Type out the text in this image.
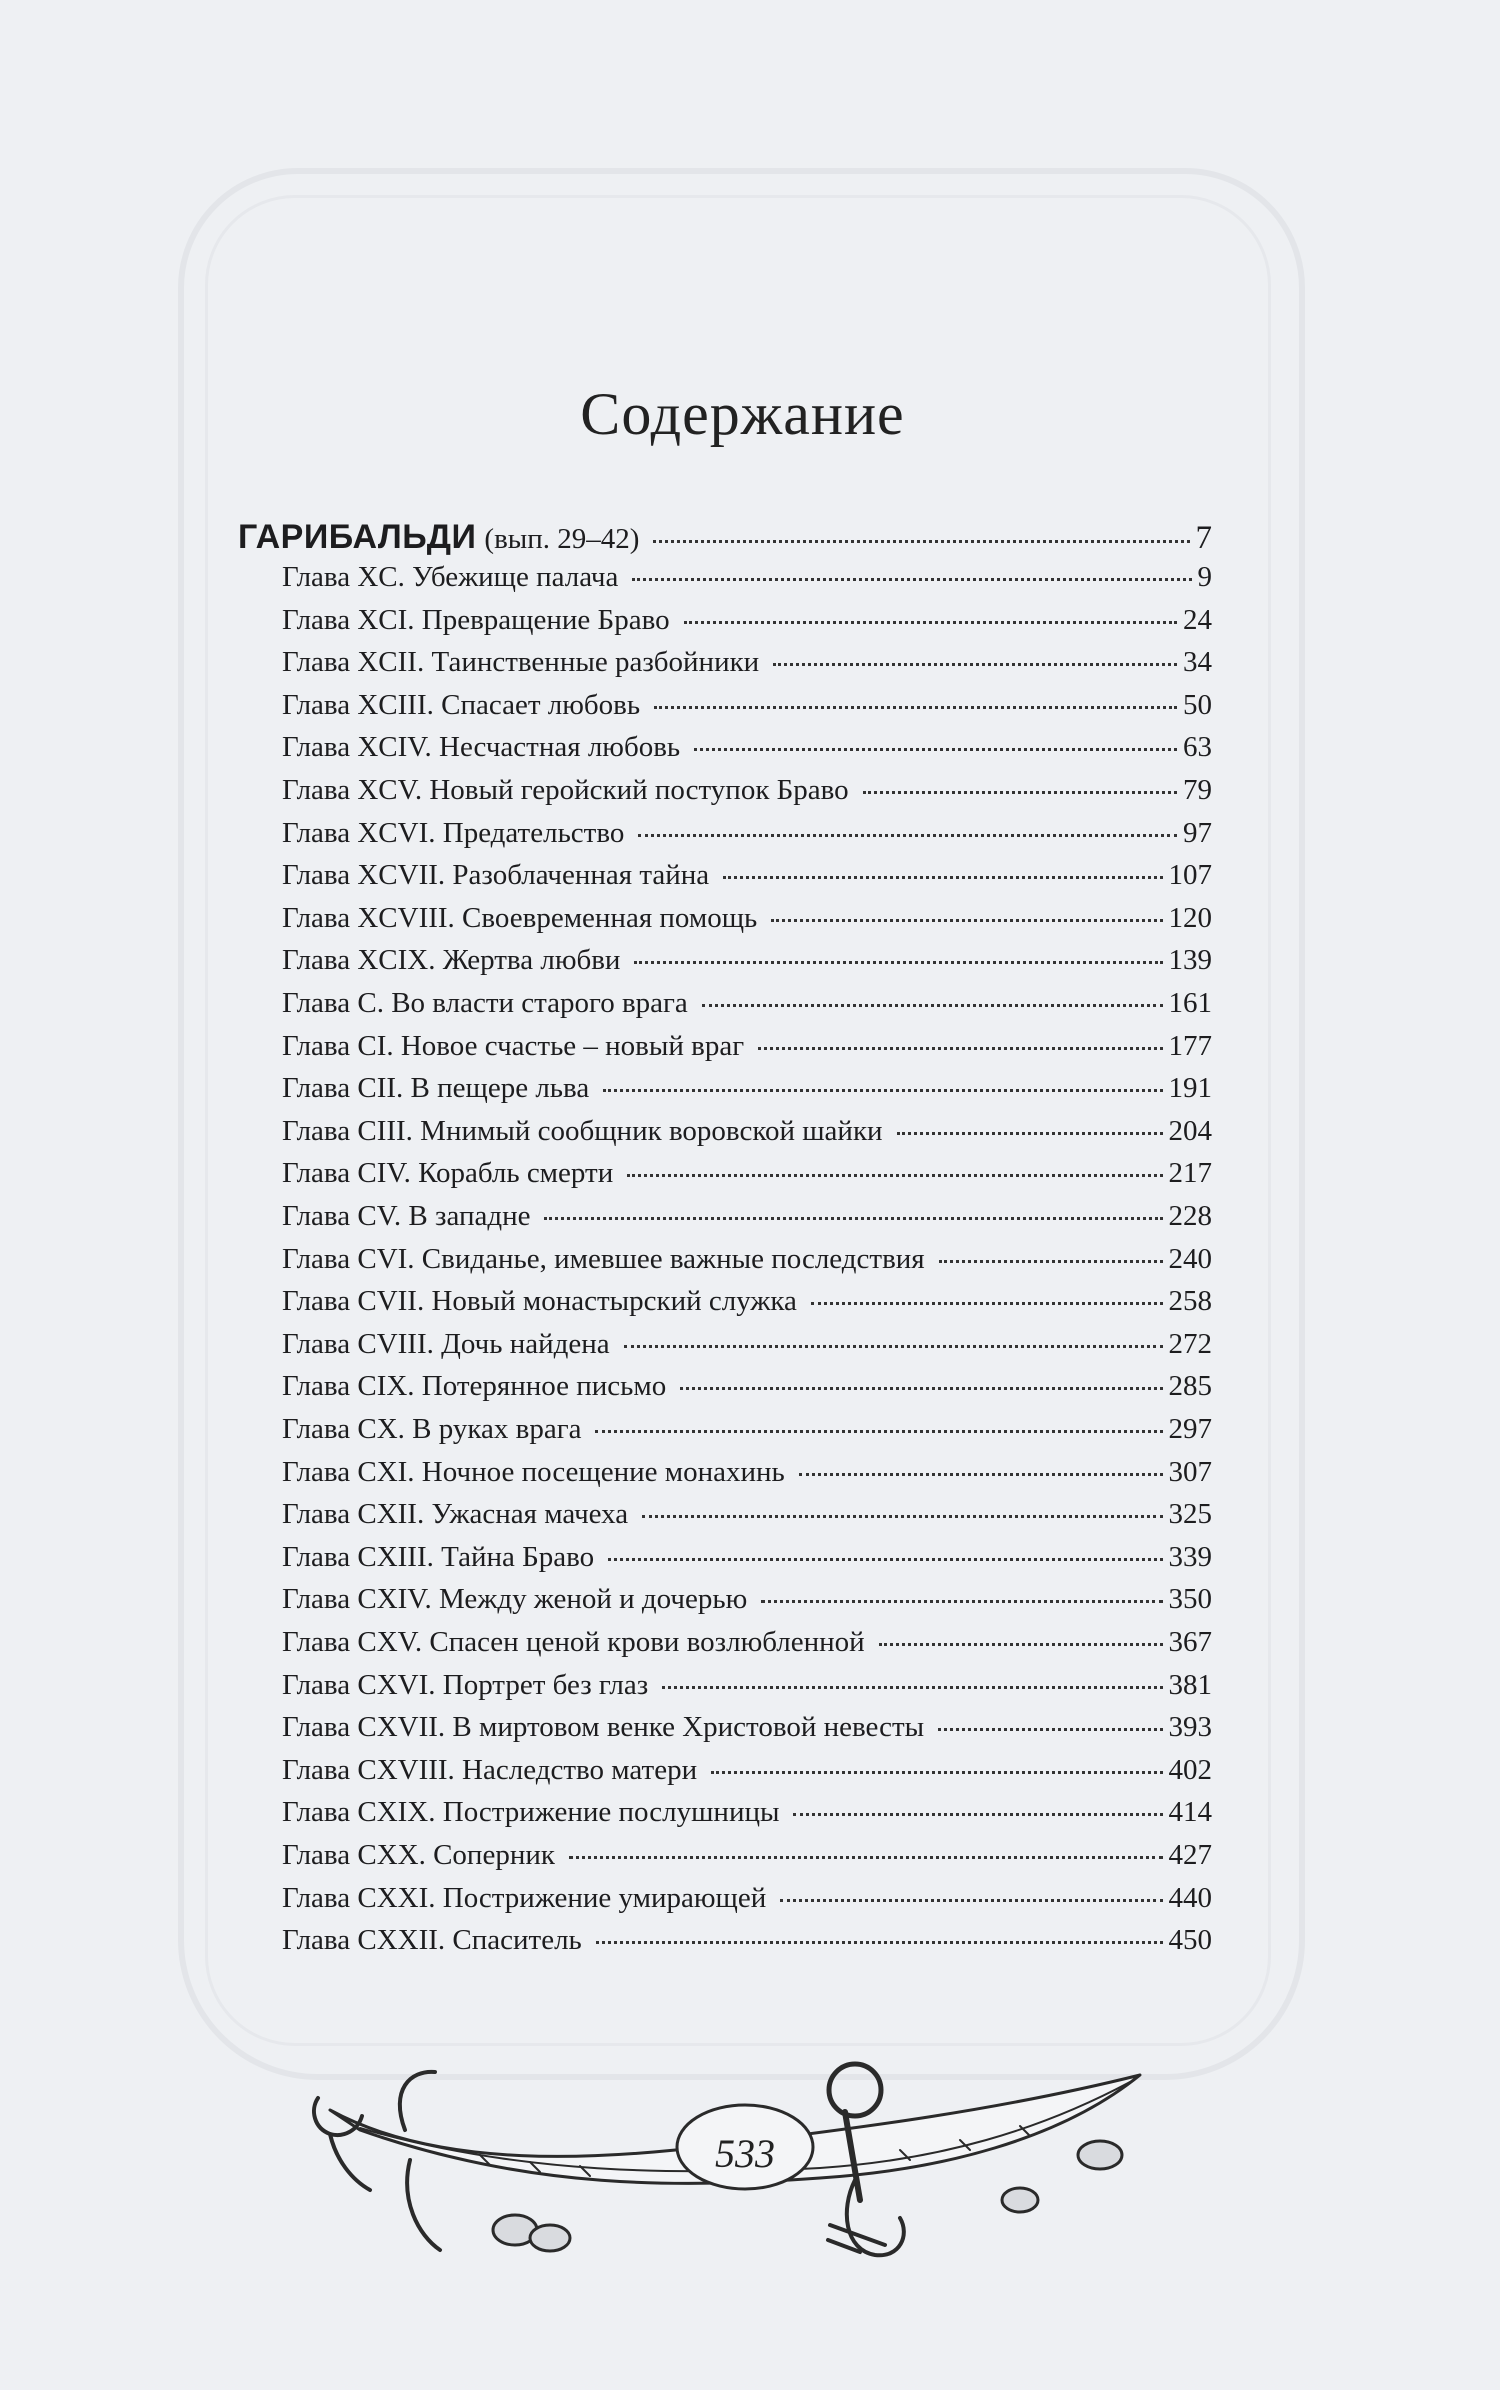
Содержание
ГАРИБАЛЬДИ (вып. 29–42)	7
Глава XC. Убежище палача	9
Глава XCI. Превращение Браво	24
Глава XCII. Таинственные разбойники	34
Глава XCIII. Спасает любовь	50
Глава XCIV. Несчастная любовь	63
Глава XCV. Новый геройский поступок Браво	79
Глава XCVI. Предательство	97
Глава XCVII. Разоблаченная тайна	107
Глава XCVIII. Своевременная помощь	120
Глава XCIX. Жертва любви	139
Глава C. Во власти старого врага	161
Глава CI. Новое счастье – новый враг	177
Глава CII. В пещере льва	191
Глава CIII. Мнимый сообщник воровской шайки	204
Глава CIV. Корабль смерти	217
Глава CV. В западне	228
Глава CVI. Свиданье, имевшее важные последствия	240
Глава CVII. Новый монастырский служка	258
Глава CVIII. Дочь найдена	272
Глава CIX. Потерянное письмо	285
Глава CX. В руках врага	297
Глава CXI. Ночное посещение монахинь	307
Глава CXII. Ужасная мачеха	325
Глава CXIII. Тайна Браво	339
Глава CXIV. Между женой и дочерью	350
Глава CXV. Спасен ценой крови возлюбленной	367
Глава CXVI. Портрет без глаз	381
Глава CXVII. В миртовом венке Христовой невесты	393
Глава CXVIII. Наследство матери	402
Глава CXIX. Пострижение послушницы	414
Глава CXX. Соперник	427
Глава CXXI. Пострижение умирающей	440
Глава CXXII. Спаситель	450
533
